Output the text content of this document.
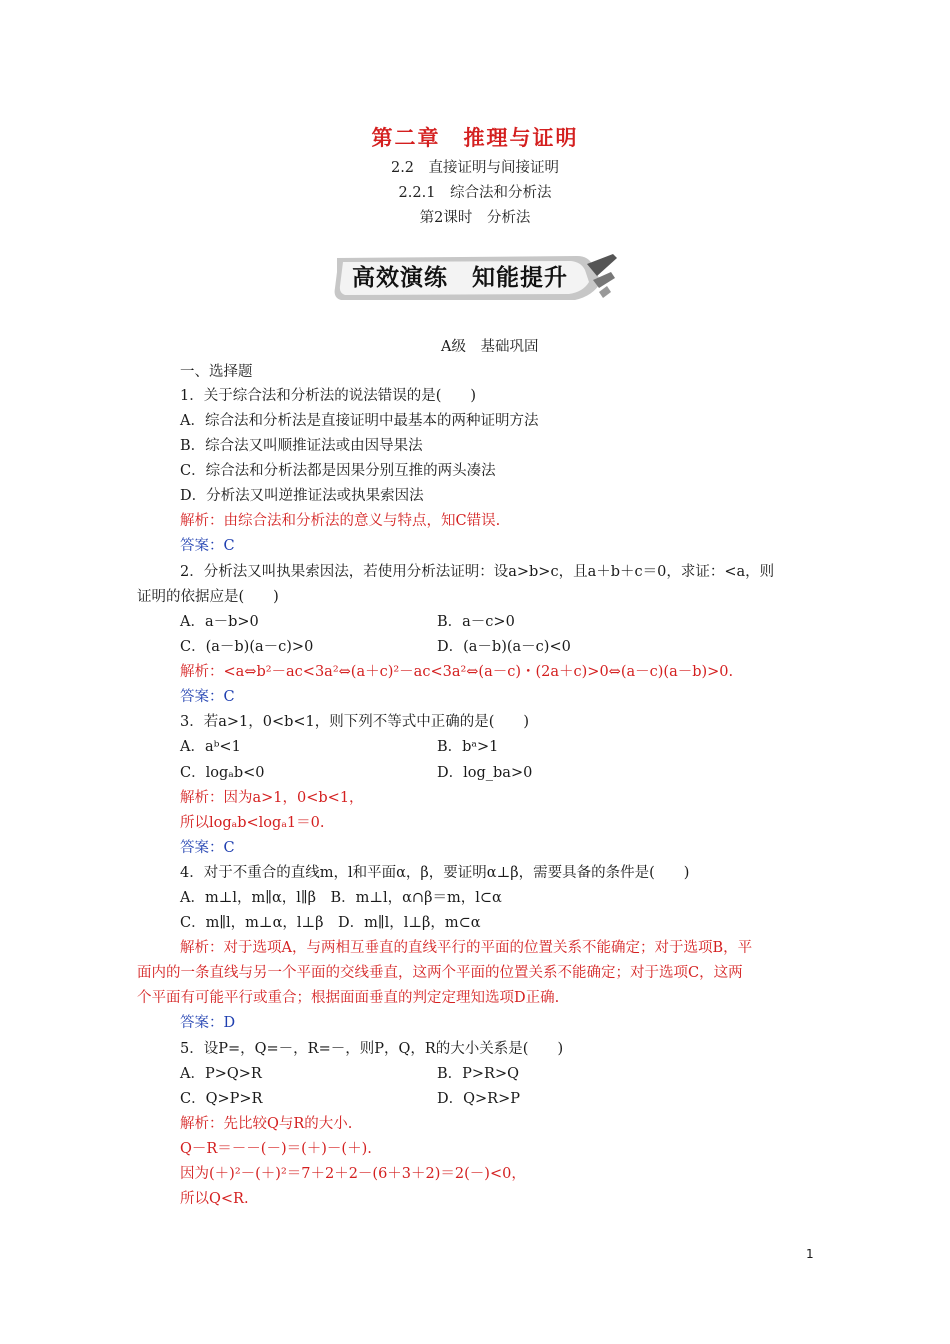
第二章　推理与证明
2.2　直接证明与间接证明
2.2.1　综合法和分析法
第2课时　分析法
高效演练　知能提升
A级　基础巩固
一、选择题
1．关于综合法和分析法的说法错误的是(　　)
A．综合法和分析法是直接证明中最基本的两种证明方法
B．综合法又叫顺推证法或由因导果法
C．综合法和分析法都是因果分别互推的两头凑法
D．分析法又叫逆推证法或执果索因法
解析：由综合法和分析法的意义与特点，知C错误.
答案：C
2．分析法又叫执果索因法，若使用分析法证明：设a>b>c，且a＋b＋c＝0，求证：<a，则
证明的依据应是(　　)
A．a－b>0	B．a－c>0
C．(a－b)(a－c)>0	D．(a－b)(a－c)<0
解析：<a⇔b²－ac<3a²⇔(a＋c)²－ac<3a²⇔(a－c)・(2a＋c)>0⇔(a－c)(a－b)>0.
答案：C
3．若a>1，0<b<1，则下列不等式中正确的是(　　)
A．aᵇ<1	B．bᵃ>1
C．logₐb<0	D．log_ba>0
解析：因为a>1，0<b<1，
所以logₐb<logₐ1＝0.
答案：C
4．对于不重合的直线m，l和平面α，β，要证明α⊥β，需要具备的条件是(　　)
A．m⊥l，m∥α，l∥β　B．m⊥l，α∩β＝m，l⊂α
C．m∥l，m⊥α，l⊥β　D．m∥l，l⊥β，m⊂α
解析：对于选项A，与两相互垂直的直线平行的平面的位置关系不能确定；对于选项B，平
面内的一条直线与另一个平面的交线垂直，这两个平面的位置关系不能确定；对于选项C，这两
个平面有可能平行或重合；根据面面垂直的判定定理知选项D正确.
答案：D
5．设P=，Q=－，R=－，则P，Q，R的大小关系是(　　)
A．P>Q>R	B．P>R>Q
C．Q>P>R	D．Q>R>P
解析：先比较Q与R的大小.
Q－R＝－－(－)＝(＋)－(＋).
因为(＋)²－(＋)²＝7＋2＋2－(6＋3＋2)＝2(－)<0，
所以Q<R.
1
